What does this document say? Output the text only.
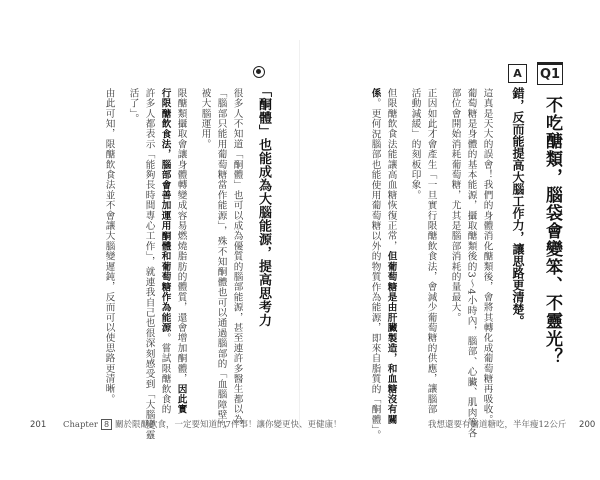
Q1
不吃醣類，腦袋會變笨、不靈光？
A
錯，反而能提高大腦工作力，讓思路更清楚。
這真是天大的誤會！我們的身體消化醣類後，會將其轉化成葡萄糖再吸收。
葡萄糖是身體的基本能源，攝取醣類後的3～4小時內，腦部、心臟、肌肉等各
部位會開始消耗葡萄糖，尤其是腦部消耗的量最大。
正因如此才會產生「一旦實行限醣飲食法，會減少葡萄糖的供應，讓腦部
活動減緩」的刻板印象。
但限醣飲食法能讓高血糖恢復正常，但葡萄糖是由肝臟製造，和血糖沒有關
係。更何況腦部也能使用葡萄糖以外的物質作為能源，即來自脂質的「酮體」。	我想還要有醫道糖吃，半年瘦12公斤 200
「酮體」也能成為大腦能源，提高思考力
很多人不知道「酮體」也可以成為優質的腦部能源，甚至連許多醫生都以為
「腦部只能用葡萄糖當作能源」，殊不知酮體也可以通過腦部的「血腦障壁」，
被大腦運用。
限醣類攝取會讓身體轉變成容易燃燒脂肪的體質，還會增加酮體，因此實
行限醣飲食法，腦部會善加運用酮體和葡萄糖作為能源。嘗試限醣飲食的
許多人都表示「能夠長時間專心工作」，就連我自己也很深刻感受到「大腦變靈
活了」。
由此可知，限醣飲食法並不會讓大腦變遲鈍，反而可以使思路更清晰。
201 Chapter 8 關於限醣飲食，一定要知道的7件事！讓你變更快、更健康！
